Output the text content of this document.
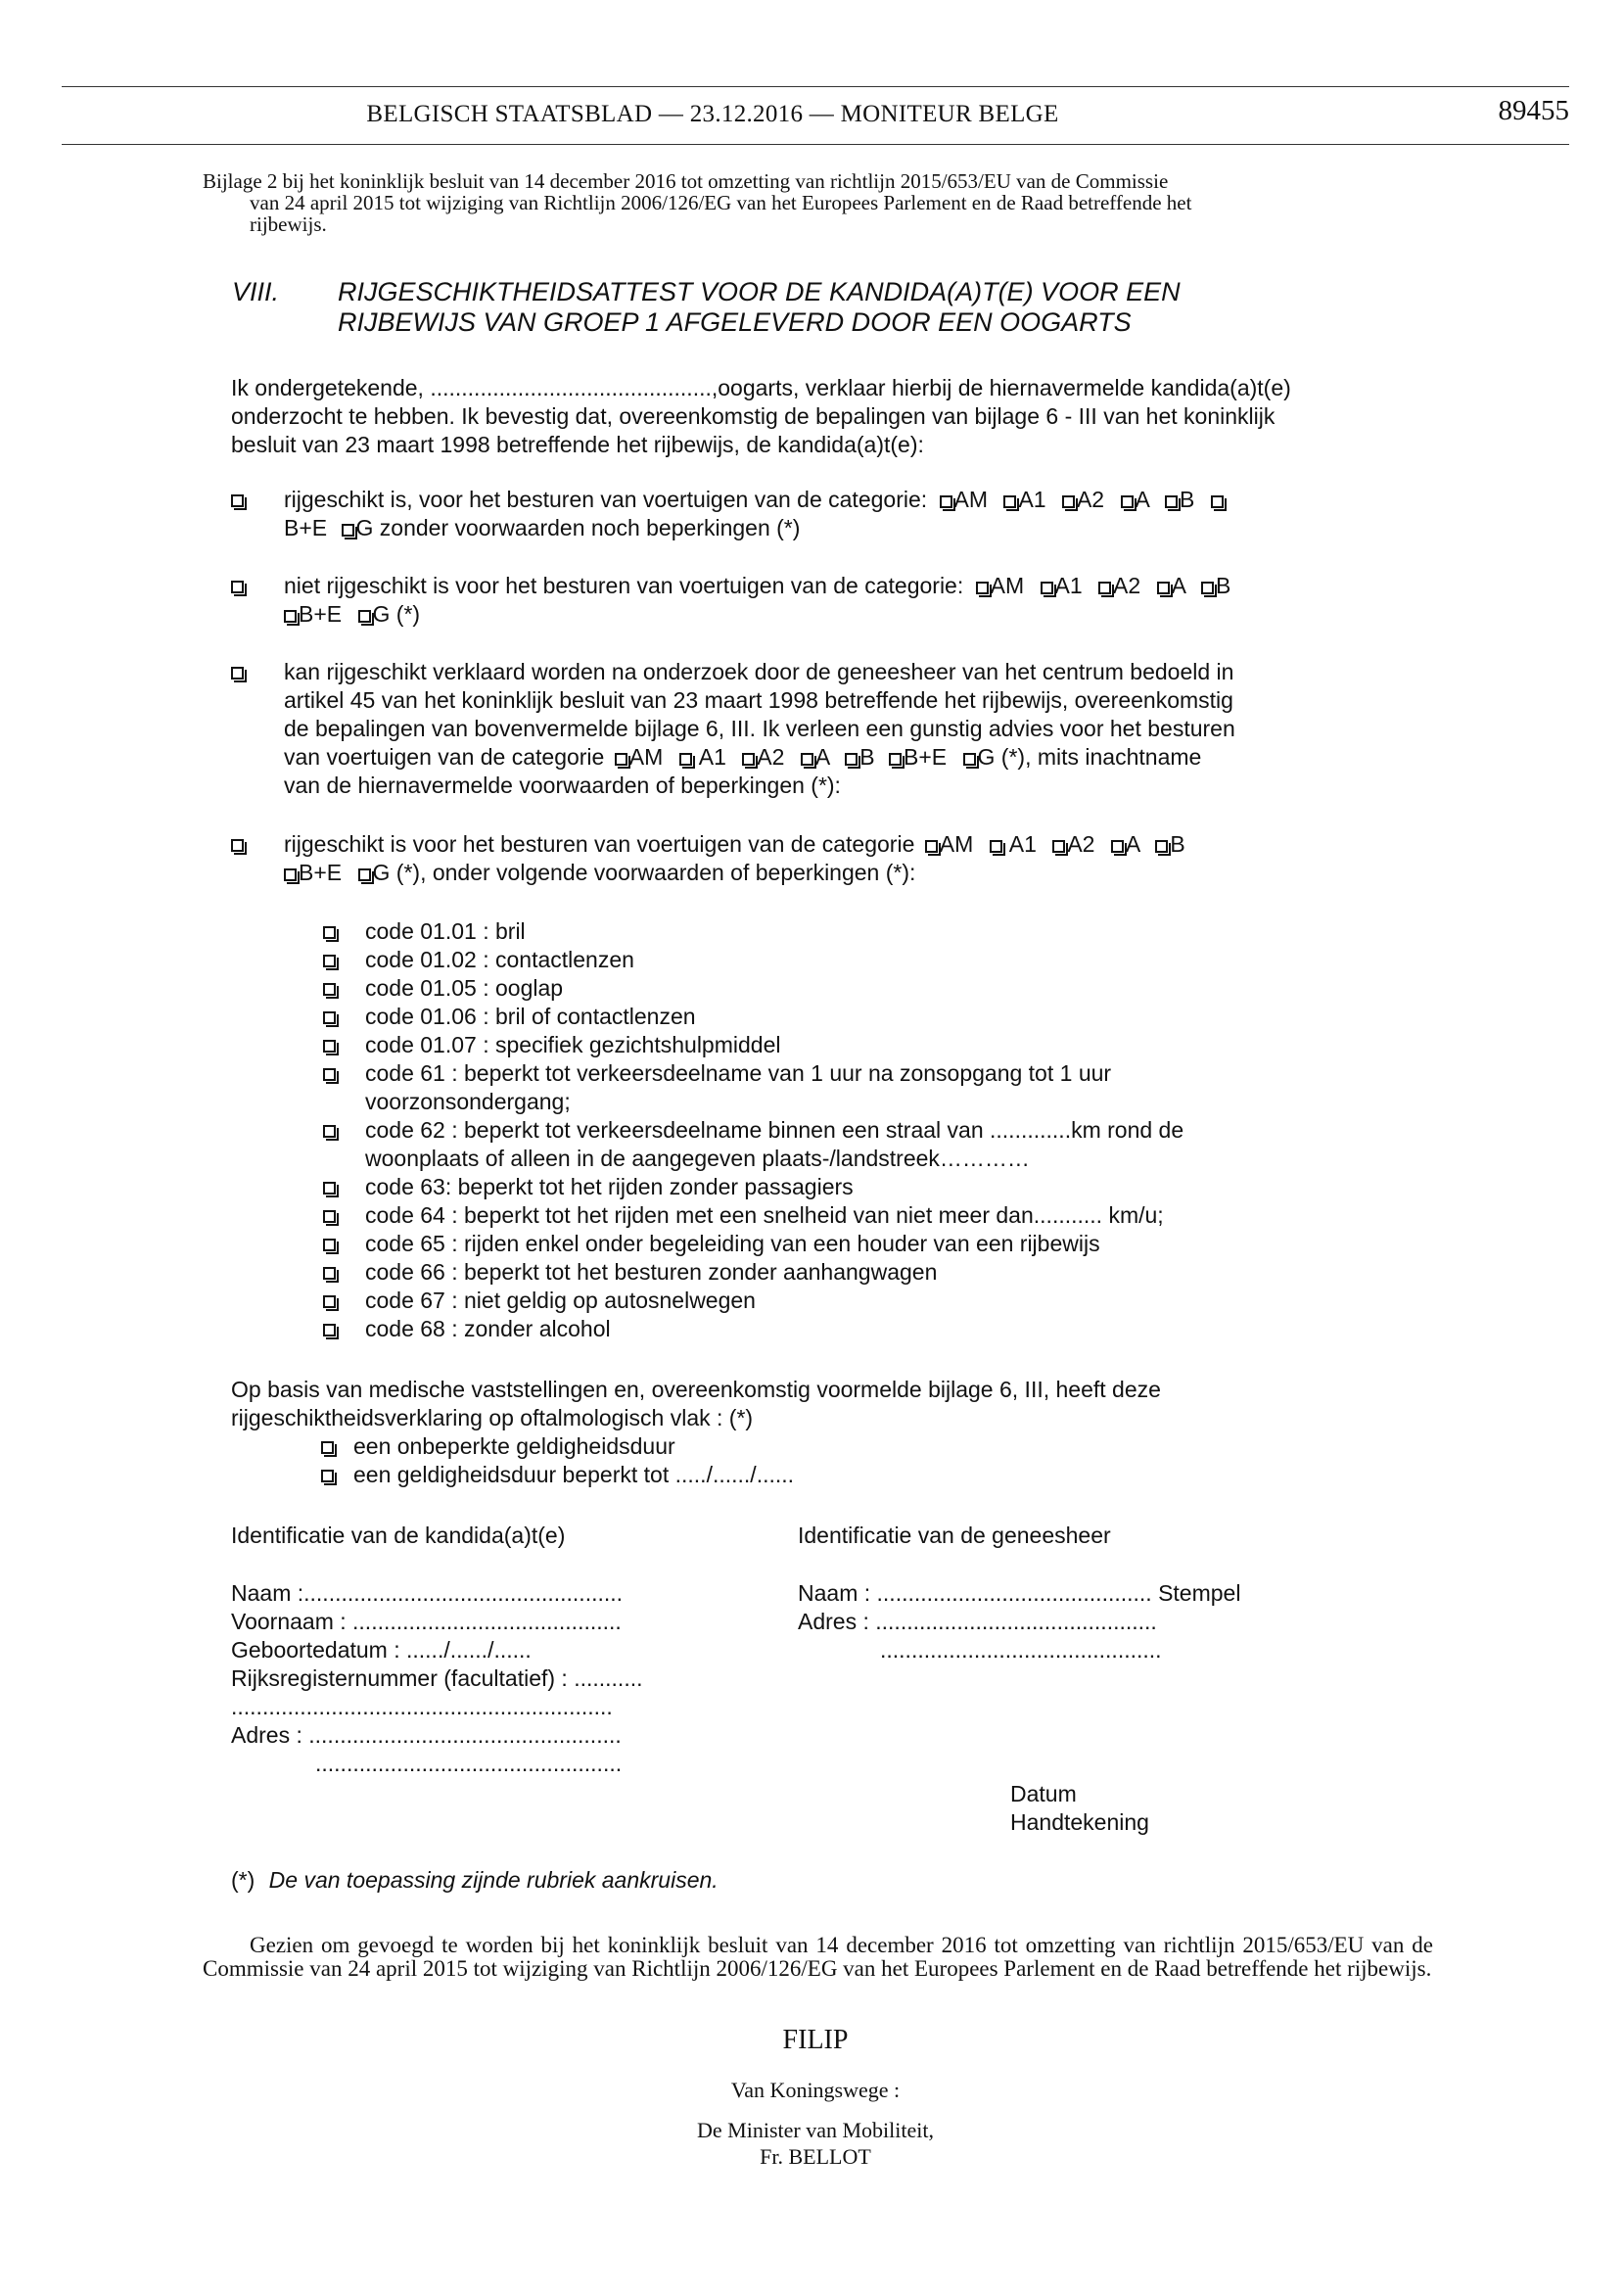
BELGISCH STAATSBLAD — 23.12.2016 — MONITEUR BELGE	89455
Bijlage 2 bij het koninklijk besluit van 14 december 2016 tot omzetting van richtlijn 2015/653/EU van de Commissie
van 24 april 2015 tot wijziging van Richtlijn 2006/126/EG van het Europees Parlement en de Raad betreffende het
rijbewijs.
VIII. RIJGESCHIKTHEIDSATTEST VOOR DE KANDIDA(A)T(E) VOOR EEN
RIJBEWIJS VAN GROEP 1 AFGELEVERD DOOR EEN OOGARTS
Ik ondergetekende, .............................................,oogarts, verklaar hierbij de hiernavermelde kandida(a)t(e)
onderzocht te hebben. Ik bevestig dat, overeenkomstig de bepalingen van bijlage 6 - III van het koninklijk
besluit van 23 maart 1998 betreffende het rijbewijs, de kandida(a)t(e):
rijgeschikt is, voor het besturen van voertuigen van de categorie: AM A1 A2 A B
B+E G zonder voorwaarden noch beperkingen (*)
niet rijgeschikt is voor het besturen van voertuigen van de categorie: AM A1 A2 A B
B+E G (*)
kan rijgeschikt verklaard worden na onderzoek door de geneesheer van het centrum bedoeld in
artikel 45 van het koninklijk besluit van 23 maart 1998 betreffende het rijbewijs, overeenkomstig
de bepalingen van bovenvermelde bijlage 6, III. Ik verleen een gunstig advies voor het besturen
van voertuigen van de categorie AM A1 A2 A B B+E G (*), mits inachtname
van de hiernavermelde voorwaarden of beperkingen (*):
rijgeschikt is voor het besturen van voertuigen van de categorie AM A1 A2 A B
B+E G (*), onder volgende voorwaarden of beperkingen (*):
code 01.01 : bril
code 01.02 : contactlenzen
code 01.05 : ooglap
code 01.06 : bril of contactlenzen
code 01.07 : specifiek gezichtshulpmiddel
code 61 : beperkt tot verkeersdeelname van 1 uur na zonsopgang tot 1 uur
voorzonsondergang;
code 62 : beperkt tot verkeersdeelname binnen een straal van .............km rond de
woonplaats of alleen in de aangegeven plaats-/landstreek…………
code 63: beperkt tot het rijden zonder passagiers
code 64 : beperkt tot het rijden met een snelheid van niet meer dan........... km/u;
code 65 : rijden enkel onder begeleiding van een houder van een rijbewijs
code 66 : beperkt tot het besturen zonder aanhangwagen
code 67 : niet geldig op autosnelwegen
code 68 : zonder alcohol
Op basis van medische vaststellingen en, overeenkomstig voormelde bijlage 6, III, heeft deze
rijgeschiktheidsverklaring op oftalmologisch vlak : (*)
een onbeperkte geldigheidsduur
een geldigheidsduur beperkt tot ...../....../......
Identificatie van de kandida(a)t(e)
Naam :...................................................
Voornaam : ...........................................
Geboortedatum : ....../....../......
Rijksregisternummer (facultatief) : ...........
.............................................................
Adres : ..................................................
.................................................
Identificatie van de geneesheer
Naam : ............................................ Stempel
Adres : .............................................
.............................................
Datum
Handtekening
(*) De van toepassing zijnde rubriek aankruisen.
Gezien om gevoegd te worden bij het koninklijk besluit van 14 december 2016 tot omzetting van richtlijn 2015/653/EU van de Commissie van 24 april 2015 tot wijziging van Richtlijn 2006/126/EG van het Europees Parlement en de Raad betreffende het rijbewijs.
FILIP
Van Koningswege :
De Minister van Mobiliteit,
Fr. BELLOT
